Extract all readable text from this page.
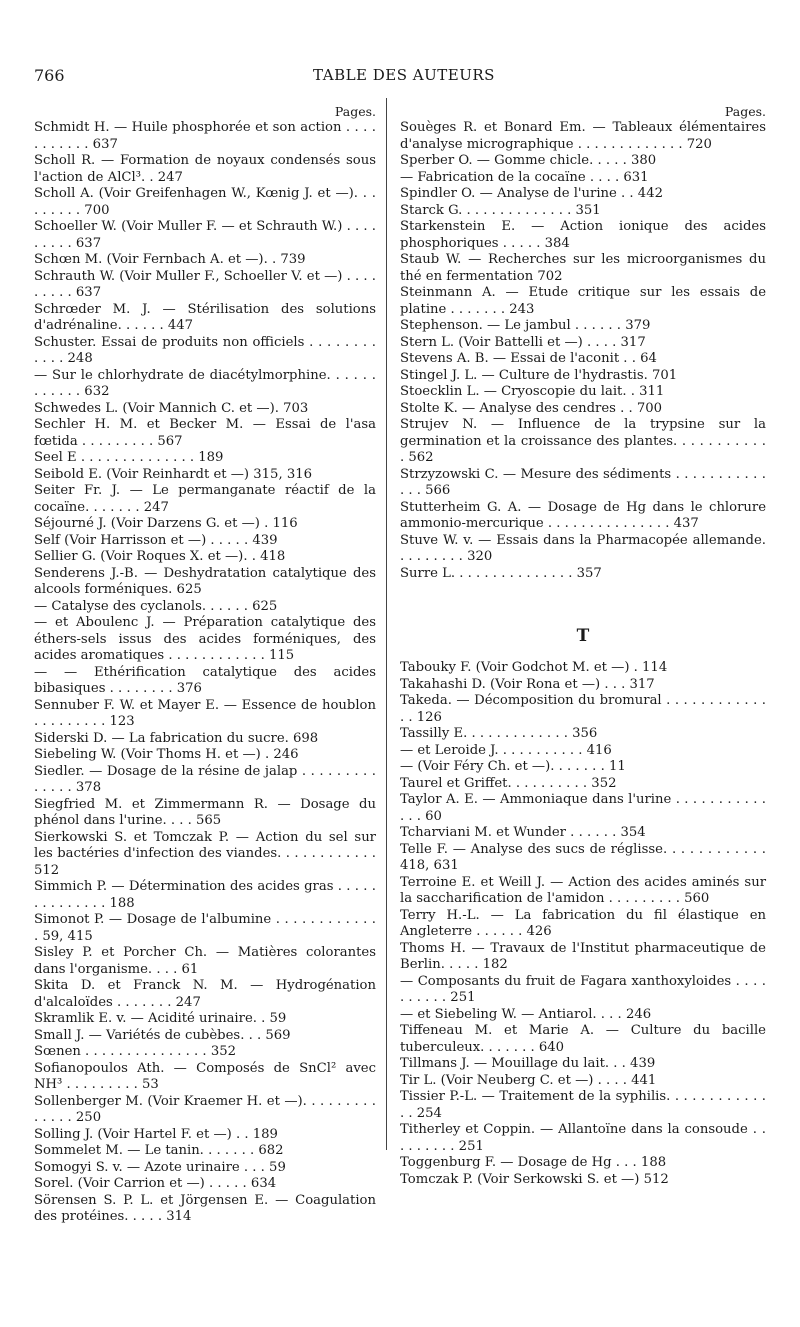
766	TABLE DES AUTEURS
Pages.
Schmidt H. — Huile phosphorée et son action . . . . . . . . . . . 637
Scholl R. — Formation de noyaux condensés sous l'action de AlCl³. . 247
Scholl A. (Voir Greifenhagen W., Kœnig J. et —). . . . . . . . . 700
Schoeller W. (Voir Muller F. — et Schrauth W.) . . . . . . . . . 637
Schœn M. (Voir Fernbach A. et —). . 739
Schrauth W. (Voir Muller F., Schoeller V. et —) . . . . . . . . . 637
Schrœder M. J. — Stérilisation des solutions d'adrénaline. . . . . . 447
Schuster. Essai de produits non officiels . . . . . . . . . . . . 248
— Sur le chlorhydrate de diacétylmorphine. . . . . . . . . . . . 632
Schwedes L. (Voir Mannich C. et —). 703
Sechler H. M. et Becker M. — Essai de l'asa fœtida . . . . . . . . . 567
Seel E . . . . . . . . . . . . . . 189
Seibold E. (Voir Reinhardt et —) 315, 316
Seiter Fr. J. — Le permanganate réactif de la cocaïne. . . . . . . 247
Séjourné J. (Voir Darzens G. et —) . 116
Self (Voir Harrisson et —) . . . . . 439
Sellier G. (Voir Roques X. et —). . 418
Senderens J.-B. — Deshydratation catalytique des alcools forméniques. 625
— Catalyse des cyclanols. . . . . . 625
— et Aboulenc J. — Préparation catalytique des éthers-sels issus des acides forméniques, des acides aromatiques . . . . . . . . . . . . 115
— — Ethérification catalytique des acides bibasiques . . . . . . . . 376
Sennuber F. W. et Mayer E. — Essence de houblon . . . . . . . . . 123
Siderski D. — La fabrication du sucre. 698
Siebeling W. (Voir Thoms H. et —) . 246
Siedler. — Dosage de la résine de jalap . . . . . . . . . . . . . . 378
Siegfried M. et Zimmermann R. — Dosage du phénol dans l'urine. . . . 565
Sierkowski S. et Tomczak P. — Action du sel sur les bactéries d'infection des viandes. . . . . . . . . . . . 512
Simmich P. — Détermination des acides gras . . . . . . . . . . . . . . 188
Simonot P. — Dosage de l'albumine . . . . . . . . . . . . . 59, 415
Sisley P. et Porcher Ch. — Matières colorantes dans l'organisme. . . . 61
Skita D. et Franck N. M. — Hydrogénation d'alcaloïdes . . . . . . . 247
Skramlik E. v. — Acidité urinaire. . 59
Small J. — Variétés de cubèbes. . . 569
Sœnen . . . . . . . . . . . . . . . 352
Sofianopoulos Ath. — Composés de SnCl² avec NH³ . . . . . . . . . 53
Sollenberger M. (Voir Kraemer H. et —). . . . . . . . . . . . . . 250
Solling J. (Voir Hartel F. et —) . . 189
Sommelet M. — Le tanin. . . . . . . 682
Somogyi S. v. — Azote urinaire . . . 59
Sorel. (Voir Carrion et —) . . . . . 634
Sörensen S. P. L. et Jörgensen E. — Coagulation des protéines. . . . . 314
Pages.
Souèges R. et Bonard Em. — Tableaux élémentaires d'analyse micrographique . . . . . . . . . . . . . 720
Sperber O. — Gomme chicle. . . . . 380
— Fabrication de la cocaïne . . . . 631
Spindler O. — Analyse de l'urine . . 442
Starck G. . . . . . . . . . . . . . 351
Starkenstein E. — Action ionique des acides phosphoriques . . . . . 384
Staub W. — Recherches sur les microorganismes du thé en fermentation 702
Steinmann A. — Etude critique sur les essais de platine . . . . . . . 243
Stephenson. — Le jambul . . . . . . 379
Stern L. (Voir Battelli et —) . . . . 317
Stevens A. B. — Essai de l'aconit . . 64
Stingel J. L. — Culture de l'hydrastis. 701
Stoecklin L. — Cryoscopie du lait. . 311
Stolte K. — Analyse des cendres . . 700
Strujev N. — Influence de la trypsine sur la germination et la croissance des plantes. . . . . . . . . . . . 562
Strzyzowski C. — Mesure des sédiments . . . . . . . . . . . . . . 566
Stutterheim G. A. — Dosage de Hg dans le chlorure ammonio-mercurique . . . . . . . . . . . . . . . 437
Stuve W. v. — Essais dans la Pharmacopée allemande. . . . . . . . . 320
Surre L. . . . . . . . . . . . . . . 357
T
Tabouky F. (Voir Godchot M. et —) . 114
Takahashi D. (Voir Rona et —) . . . 317
Takeda. — Décomposition du bromural . . . . . . . . . . . . . . 126
Tassilly E. . . . . . . . . . . . . 356
— et Leroide J. . . . . . . . . . . 416
— (Voir Féry Ch. et —). . . . . . . 11
Taurel et Griffet. . . . . . . . . . 352
Taylor A. E. — Ammoniaque dans l'urine . . . . . . . . . . . . . . 60
Tcharviani M. et Wunder . . . . . . 354
Telle F. — Analyse des sucs de réglisse. . . . . . . . . . . . 418, 631
Terroine E. et Weill J. — Action des acides aminés sur la saccharification de l'amidon . . . . . . . . . 560
Terry H.-L. — La fabrication du fil élastique en Angleterre . . . . . . 426
Thoms H. — Travaux de l'Institut pharmaceutique de Berlin. . . . . 182
— Composants du fruit de Fagara xanthoxyloides . . . . . . . . . . 251
— et Siebeling W. — Antiarol. . . . 246
Tiffeneau M. et Marie A. — Culture du bacille tuberculeux. . . . . . . 640
Tillmans J. — Mouillage du lait. . . 439
Tir L. (Voir Neuberg C. et —) . . . . 441
Tissier P.-L. — Traitement de la syphilis. . . . . . . . . . . . . . 254
Titherley et Coppin. — Allantoïne dans la consoude . . . . . . . . . 251
Toggenburg F. — Dosage de Hg . . . 188
Tomczak P. (Voir Serkowski S. et —) 512
